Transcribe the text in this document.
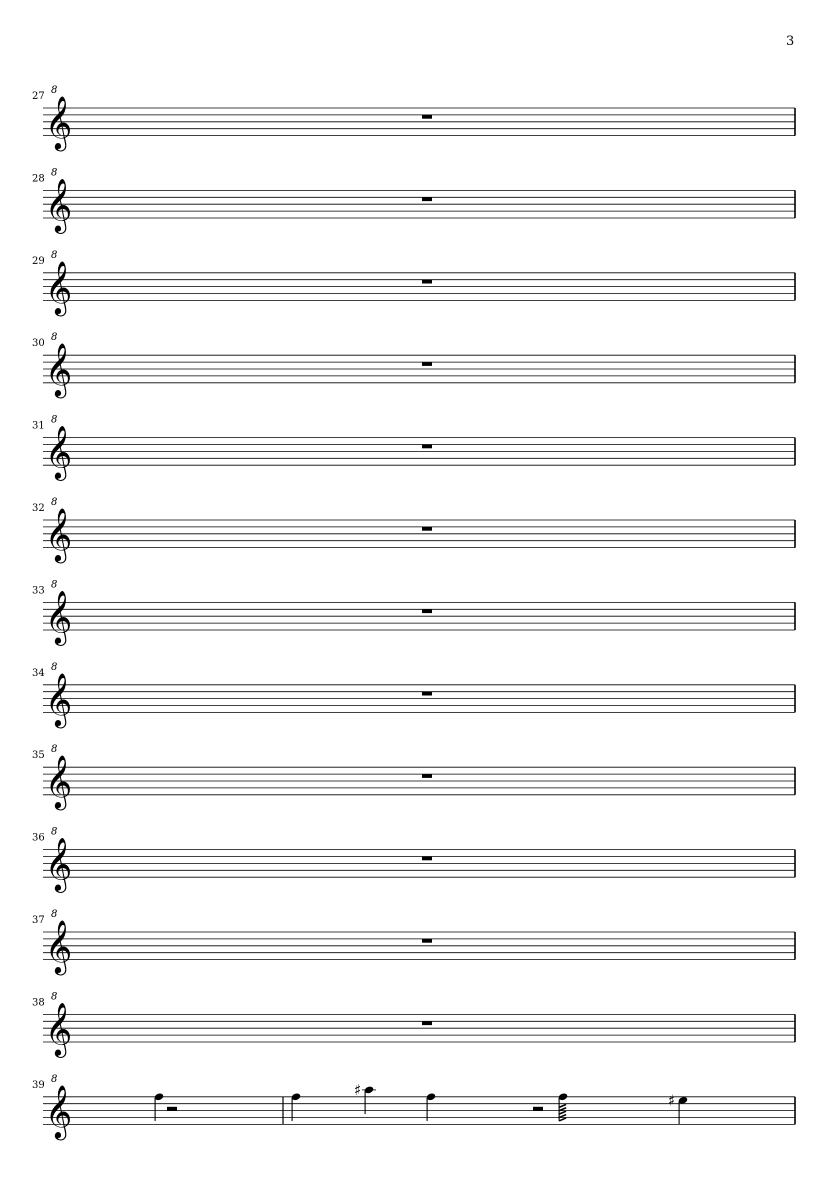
3
𝄞
8
27
𝄞
8
28
𝄞
8
29
𝄞
8
30
𝄞
8
31
𝄞
8
32
𝄞
8
33
𝄞
8
34
𝄞
8
35
𝄞
8
36
𝄞
8
37
𝄞
8
38
𝄞
8
39	♯
♯
